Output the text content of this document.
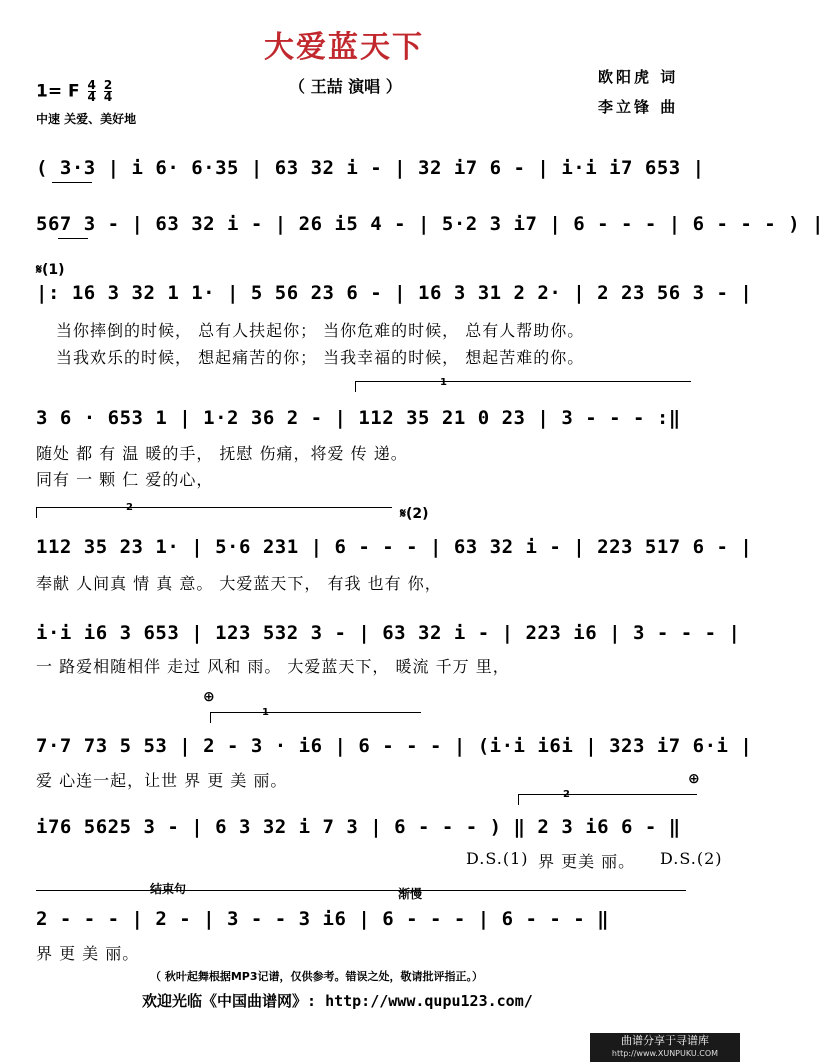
大爱蓝天下
（ 王喆 演唱 ）	欧阳虎 词
李立锋 曲
1= F $\frac{4}{4}$
$\frac{2}{4}$
中速 关爱、美好地
( 3·3 | i 6· 6·35 | 63 32 i - | 32 i7 6 - | i·i i7 653 |
567 3 - | 63 32 i - | 26 i5 4 - | 5·2 3 i7 | 6 - - - | 6 - - - ) |
𝄋(1)
|: 16 3 32 1 1· | 5 56 23 6 - | 16 3 31 2 2· | 2 23 56 3 - |
当你摔倒的时候， 总有人扶起你； 当你危难的时候， 总有人帮助你。
当我欢乐的时候， 想起痛苦的你； 当我幸福的时候， 想起苦难的你。
1
3 6 · 653 1 | 1·2 36 2 - | 112 35 21 0 23 | 3 - - - :‖
随处 都 有 温 暖的手， 抚慰 伤痛，将爱 传 递。
同有 一 颗 仁 爱的心，
2	𝄋(2)
112 35 23 1· | 5·6 231 | 6 - - - | 63 32 i - | 223 517 6 - |
奉献 人间真 情 真 意。 大爱蓝天下， 有我 也有 你，
i·i i6 3 653 | 123 532 3 - | 63 32 i - | 223 i6 | 3 - - - |
一 路爱相随相伴 走过 风和 雨。 大爱蓝天下， 暖流 千万 里，
⊕
1
7·7 73 5 53 | 2 - 3 · i6 | 6 - - - | (i·i i6i | 323 i7 6·i |
爱 心连一起，让世 界 更 美 丽。	⊕
2
i76 5625 3 - | 6 3 32 i 7 3 | 6 - - - ) ‖ 2 3 i6 6 - ‖
D.S.(1) 界 更美 丽。 D.S.(2)
结束句	渐慢
2 - - - | 2 - | 3 - - 3 i6 | 6 - - - | 6 - - - ‖
界 更 美 丽。
（ 秋叶起舞根据MP3记谱，仅供参考。错误之处，敬请批评指正。）
欢迎光临《中国曲谱网》: http://www.qupu123.com/
曲谱分享于寻谱库
http://www.XUNPUKU.COM
